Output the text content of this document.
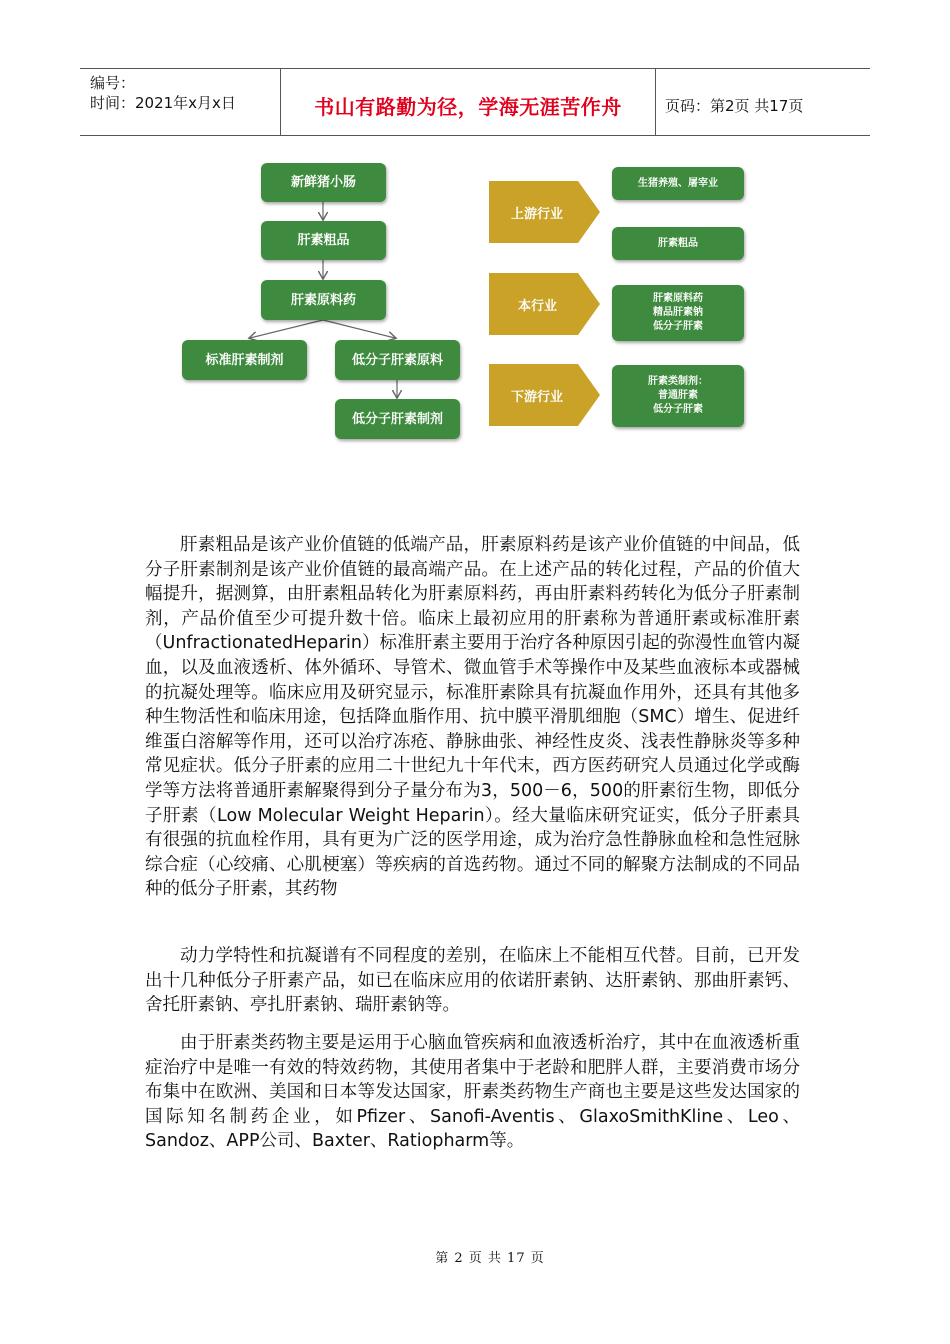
编号：
时间：2021年x月x日	书山有路勤为径，学海无涯苦作舟	页码：第2页 共17页
新鲜猪小肠
肝素粗品
肝素原料药
标准肝素制剂	低分子肝素原料
低分子肝素制剂
上游行业
本行业
下游行业
生猪养殖、屠宰业
肝素粗品
肝素原料药
精品肝素钠
低分子肝素
肝素类制剂：
普通肝素
低分子肝素

肝素粗品是该产业价值链的低端产品，肝素原料药是该产业价值链的中间品，低分子肝素制剂是该产业价值链的最高端产品。在上述产品的转化过程，产品的价值大幅提升，据测算，由肝素粗品转化为肝素原料药，再由肝素料药转化为低分子肝素制剂，产品价值至少可提升数十倍。临床上最初应用的肝素称为普通肝素或标准肝素（UnfractionatedHeparin）标准肝素主要用于治疗各种原因引起的弥漫性血管内凝血，以及血液透析、体外循环、导管术、微血管手术等操作中及某些血液标本或器械的抗凝处理等。临床应用及研究显示，标准肝素除具有抗凝血作用外，还具有其他多种生物活性和临床用途，包括降血脂作用、抗中膜平滑肌细胞（SMC）增生、促进纤维蛋白溶解等作用，还可以治疗冻疮、静脉曲张、神经性皮炎、浅表性静脉炎等多种常见症状。低分子肝素的应用二十世纪九十年代末，西方医药研究人员通过化学或酶学等方法将普通肝素解聚得到分子量分布为3，500－6，500的肝素衍生物，即低分子肝素（Low Molecular Weight Heparin）。经大量临床研究证实，低分子肝素具有很强的抗血栓作用，具有更为广泛的医学用途，成为治疗急性静脉血栓和急性冠脉综合症（心绞痛、心肌梗塞）等疾病的首选药物。通过不同的解聚方法制成的不同品种的低分子肝素，其药物

动力学特性和抗凝谱有不同程度的差别，在临床上不能相互代替。目前，已开发出十几种低分子肝素产品，如已在临床应用的依诺肝素钠、达肝素钠、那曲肝素钙、舍托肝素钠、亭扎肝素钠、瑞肝素钠等。

由于肝素类药物主要是运用于心脑血管疾病和血液透析治疗，其中在血液透析重症治疗中是唯一有效的特效药物，其使用者集中于老龄和肥胖人群，主要消费市场分布集中在欧洲、美国和日本等发达国家，肝素类药物生产商也主要是这些发达国家的国际知名制药企业，如Pfizer、Sanofi-Aventis、GlaxoSmithKline、Leo、Sandoz、APP公司、Baxter、Ratiopharm等。

第 2 页 共 17 页
